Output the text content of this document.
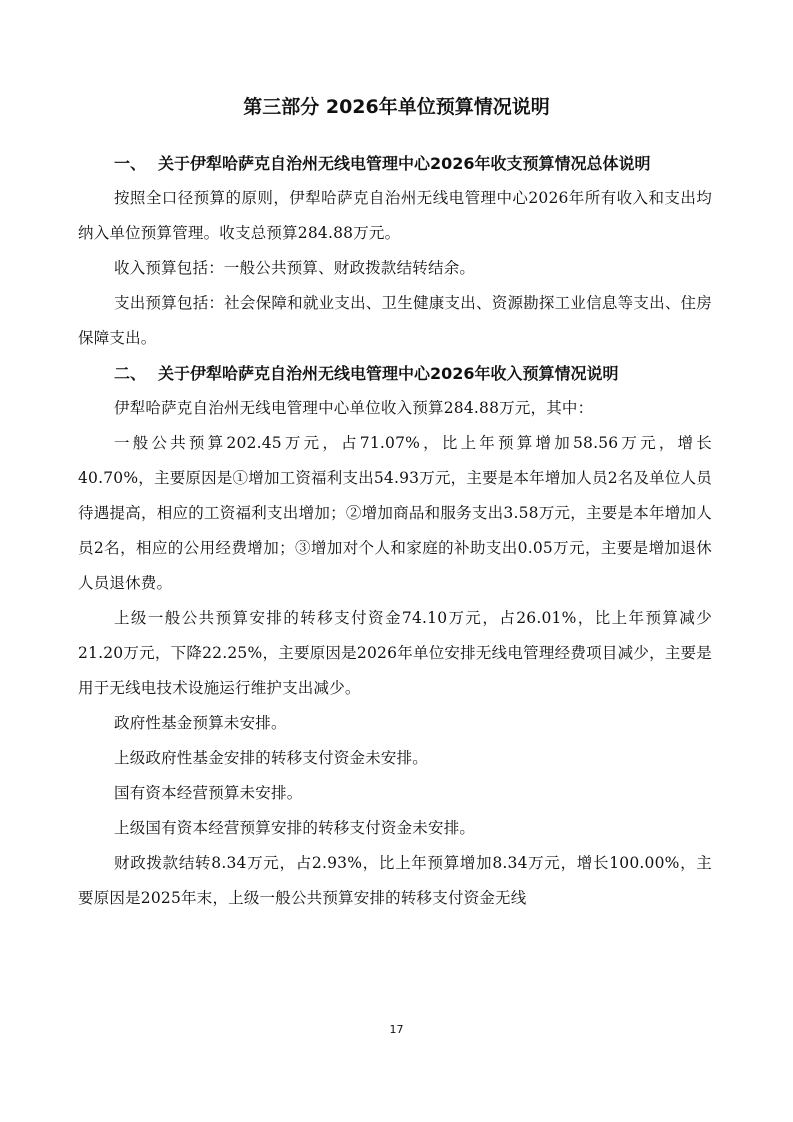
第三部分 2026年单位预算情况说明
一、 关于伊犁哈萨克自治州无线电管理中心2026年收支预算情况总体说明

按照全口径预算的原则，伊犁哈萨克自治州无线电管理中心2026年所有收入和支出均纳入单位预算管理。收支总预算284.88万元。

收入预算包括：一般公共预算、财政拨款结转结余。

支出预算包括：社会保障和就业支出、卫生健康支出、资源勘探工业信息等支出、住房保障支出。

二、 关于伊犁哈萨克自治州无线电管理中心2026年收入预算情况说明

伊犁哈萨克自治州无线电管理中心单位收入预算284.88万元，其中：

一般公共预算202.45万元，占71.07%，比上年预算增加58.56万元，增长40.70%，主要原因是①增加工资福利支出54.93万元，主要是本年增加人员2名及单位人员待遇提高，相应的工资福利支出增加；②增加商品和服务支出3.58万元，主要是本年增加人员2名，相应的公用经费增加；③增加对个人和家庭的补助支出0.05万元，主要是增加退休人员退休费。

上级一般公共预算安排的转移支付资金74.10万元，占26.01%，比上年预算减少21.20万元，下降22.25%，主要原因是2026年单位安排无线电管理经费项目减少，主要是用于无线电技术设施运行维护支出减少。

政府性基金预算未安排。

上级政府性基金安排的转移支付资金未安排。

国有资本经营预算未安排。

上级国有资本经营预算安排的转移支付资金未安排。

财政拨款结转8.34万元，占2.93%，比上年预算增加8.34万元，增长100.00%，主要原因是2025年末，上级一般公共预算安排的转移支付资金无线

17
